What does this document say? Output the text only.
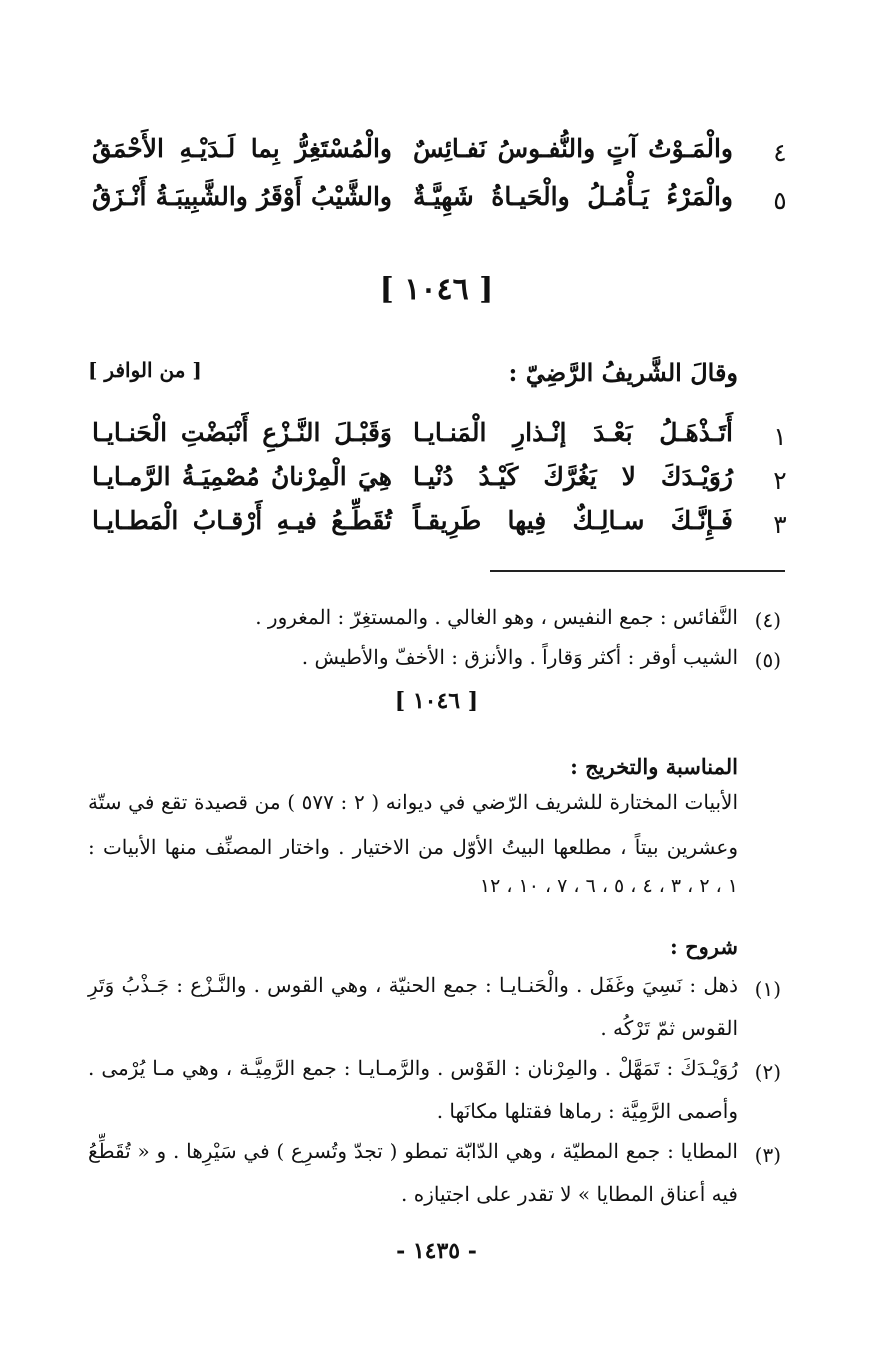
٤
والْمَـوْتُ آتٍ والنُّفـوسُ نَفـائِسٌ
والْمُسْتَغِرُّ بِما لَـدَيْـهِ الأَحْمَقُ
٥
والْمَرْءُ يَـأْمُـلُ والْحَيـاةُ شَهِيَّـةٌ
والشَّيْبُ أَوْقَرُ والشَّبِيبَـةُ أَنْـزَقُ
[ ١٠٤٦ ]
وقالَ الشَّريفُ الرَّضِيّ :
[ من الوافر ]
١
أَتَـذْهَـلُ بَعْـدَ إنْـذارِ الْمَنـايـا
وَقَبْـلَ النَّـزْعِ أَنْبَضْتِ الْحَنـايـا
٢
رُوَيْـدَكَ لا يَغُرَّكَ كَيْـدُ دُنْيـا
هِيَ الْمِرْنانُ مُصْمِيَـةُ الرَّمـايـا
٣
فَـإِنَّـكَ سـالِـكٌ فِيها طَرِيقـاً
تُقَطِّـعُ فيـهِ أَرْقـابُ الْمَطـايـا
(٤)
النَّفائس : جمع النفيس ، وهو الغالي . والمستغِرّ : المغرور .
(٥)
الشيب أوقر : أكثر وَقاراً . والأنزق : الأخفّ والأطيش .
[ ١٠٤٦ ]
المناسبة والتخريج :
الأبيات المختارة للشريف الرّضي في ديوانه ( ٢ : ٥٧٧ ) من قصيدة تقع في ستّة وعشرين بيتاً ، مطلعها البيتُ الأوّل من الاختيار . واختار المصنِّف منها الأبيات :
١ ، ٢ ، ٣ ، ٤ ، ٥ ، ٦ ، ٧ ، ١٠ ، ١٢
شروح :
(١)
ذهل : نَسِيَ وغَفَل . والْحَنـايـا : جمع الحنيّة ، وهي القوس . والنَّـزْع : جَـذْبُ وَتَرِ القوس ثمّ تَرْكُه .
(٢)
رُوَيْـدَكَ : تَمَهَّلْ . والمِرْنان : القَوْس . والرَّمـايـا : جمع الرَّمِيَّـة ، وهي مـا يُرْمى . وأصمى الرَّمِيَّة : رماها فقتلها مكانَها .
(٣)
المطايا : جمع المطيّة ، وهي الدّابّة تمطو ( تجدّ وتُسرِع ) في سَيْرِها . و « تُقَطِّعُ فيه أعناق المطايا » لا تقدر على اجتيازه .
- ١٤٣٥ -
